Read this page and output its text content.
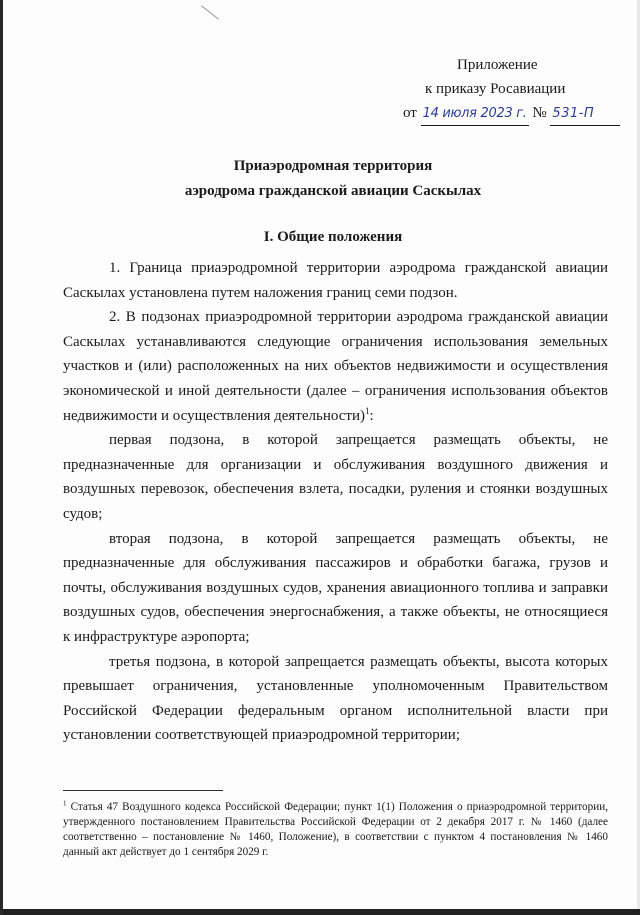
Приложение
к приказу Росавиации
от 14 июля 2023 г. № 531-П
Приаэродромная территория
аэродрома гражданской авиации Саскылах
I. Общие положения

1. Граница приаэродромной территории аэродрома гражданской авиации Саскылах установлена путем наложения границ семи подзон.

2. В подзонах приаэродромной территории аэродрома гражданской авиации Саскылах устанавливаются следующие ограничения использования земельных участков и (или) расположенных на них объектов недвижимости и осуществления экономической и иной деятельности (далее – ограничения использования объектов недвижимости и осуществления деятельности)$^1$:

первая подзона, в которой запрещается размещать объекты, не предназначенные для организации и обслуживания воздушного движения и воздушных перевозок, обеспечения взлета, посадки, руления и стоянки воздушных судов;

вторая подзона, в которой запрещается размещать объекты, не предназначенные для обслуживания пассажиров и обработки багажа, грузов и почты, обслуживания воздушных судов, хранения авиационного топлива и заправки воздушных судов, обеспечения энергоснабжения, а также объекты, не относящиеся к инфраструктуре аэропорта;

третья подзона, в которой запрещается размещать объекты, высота которых превышает ограничения, установленные уполномоченным Правительством Российской Федерации федеральным органом исполнительной власти при установлении соответствующей приаэродромной территории;

$^1$ Статья 47 Воздушного кодекса Российской Федерации; пункт 1(1) Положения о приаэродромной территории, утвержденного постановлением Правительства Российской Федерации от 2 декабря 2017 г. № 1460 (далее соответственно – постановление № 1460, Положение), в соответствии с пунктом 4 постановления № 1460 данный акт действует до 1 сентября 2029 г.
